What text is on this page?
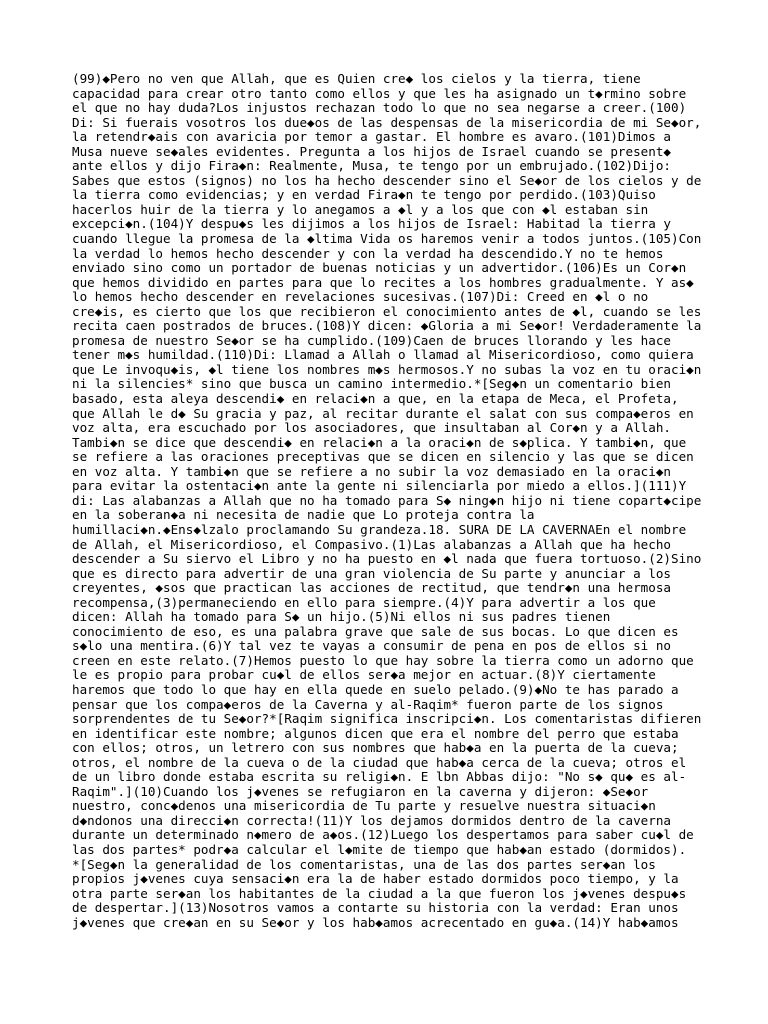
(99)◆Pero no ven que Allah, que es Quien cre◆ los cielos y la tierra, tiene
capacidad para crear otro tanto como ellos y que les ha asignado un t◆rmino sobre
el que no hay duda?Los injustos rechazan todo lo que no sea negarse a creer.(100)
Di: Si fuerais vosotros los due◆os de las despensas de la misericordia de mi Se◆or,
la retendr◆ais con avaricia por temor a gastar. El hombre es avaro.(101)Dimos a
Musa nueve se◆ales evidentes. Pregunta a los hijos de Israel cuando se present◆
ante ellos y dijo Fira◆n: Realmente, Musa, te tengo por un embrujado.(102)Dijo:
Sabes que estos (signos) no los ha hecho descender sino el Se◆or de los cielos y de
la tierra como evidencias; y en verdad Fira◆n te tengo por perdido.(103)Quiso
hacerlos huir de la tierra y lo anegamos a ◆l y a los que con ◆l estaban sin
excepci◆n.(104)Y despu◆s les dijimos a los hijos de Israel: Habitad la tierra y
cuando llegue la promesa de la ◆ltima Vida os haremos venir a todos juntos.(105)Con
la verdad lo hemos hecho descender y con la verdad ha descendido.Y no te hemos
enviado sino como un portador de buenas noticias y un advertidor.(106)Es un Cor◆n
que hemos dividido en partes para que lo recites a los hombres gradualmente. Y as◆
lo hemos hecho descender en revelaciones sucesivas.(107)Di: Creed en ◆l o no
cre◆is, es cierto que los que recibieron el conocimiento antes de ◆l, cuando se les
recita caen postrados de bruces.(108)Y dicen: ◆Gloria a mi Se◆or! Verdaderamente la
promesa de nuestro Se◆or se ha cumplido.(109)Caen de bruces llorando y les hace
tener m◆s humildad.(110)Di: Llamad a Allah o llamad al Misericordioso, como quiera
que Le invoqu◆is, ◆l tiene los nombres m◆s hermosos.Y no subas la voz en tu oraci◆n
ni la silencies* sino que busca un camino intermedio.*[Seg◆n un comentario bien
basado, esta aleya descendi◆ en relaci◆n a que, en la etapa de Meca, el Profeta,
que Allah le d◆ Su gracia y paz, al recitar durante el salat con sus compa◆eros en
voz alta, era escuchado por los asociadores, que insultaban al Cor◆n y a Allah.
Tambi◆n se dice que descendi◆ en relaci◆n a la oraci◆n de s◆plica. Y tambi◆n, que
se refiere a las oraciones preceptivas que se dicen en silencio y las que se dicen
en voz alta. Y tambi◆n que se refiere a no subir la voz demasiado en la oraci◆n
para evitar la ostentaci◆n ante la gente ni silenciarla por miedo a ellos.](111)Y
di: Las alabanzas a Allah que no ha tomado para S◆ ning◆n hijo ni tiene copart◆cipe
en la soberan◆a ni necesita de nadie que Lo proteja contra la
humillaci◆n.◆Ens◆lzalo proclamando Su grandeza.18. SURA DE LA CAVERNAEn el nombre
de Allah, el Misericordioso, el Compasivo.(1)Las alabanzas a Allah que ha hecho
descender a Su siervo el Libro y no ha puesto en ◆l nada que fuera tortuoso.(2)Sino
que es directo para advertir de una gran violencia de Su parte y anunciar a los
creyentes, ◆sos que practican las acciones de rectitud, que tendr◆n una hermosa
recompensa,(3)permaneciendo en ello para siempre.(4)Y para advertir a los que
dicen: Allah ha tomado para S◆ un hijo.(5)Ni ellos ni sus padres tienen
conocimiento de eso, es una palabra grave que sale de sus bocas. Lo que dicen es
s◆lo una mentira.(6)Y tal vez te vayas a consumir de pena en pos de ellos si no
creen en este relato.(7)Hemos puesto lo que hay sobre la tierra como un adorno que
le es propio para probar cu◆l de ellos ser◆a mejor en actuar.(8)Y ciertamente
haremos que todo lo que hay en ella quede en suelo pelado.(9)◆No te has parado a
pensar que los compa◆eros de la Caverna y al-Raqim* fueron parte de los signos
sorprendentes de tu Se◆or?*[Raqim significa inscripci◆n. Los comentaristas difieren
en identificar este nombre; algunos dicen que era el nombre del perro que estaba
con ellos; otros, un letrero con sus nombres que hab◆a en la puerta de la cueva;
otros, el nombre de la cueva o de la ciudad que hab◆a cerca de la cueva; otros el
de un libro donde estaba escrita su religi◆n. E lbn Abbas dijo: "No s◆ qu◆ es al-
Raqim".](10)Cuando los j◆venes se refugiaron en la caverna y dijeron: ◆Se◆or
nuestro, conc◆denos una misericordia de Tu parte y resuelve nuestra situaci◆n
d◆ndonos una direcci◆n correcta!(11)Y los dejamos dormidos dentro de la caverna
durante un determinado n◆mero de a◆os.(12)Luego los despertamos para saber cu◆l de
las dos partes* podr◆a calcular el l◆mite de tiempo que hab◆an estado (dormidos).
*[Seg◆n la generalidad de los comentaristas, una de las dos partes ser◆an los
propios j◆venes cuya sensaci◆n era la de haber estado dormidos poco tiempo, y la
otra parte ser◆an los habitantes de la ciudad a la que fueron los j◆venes despu◆s
de despertar.](13)Nosotros vamos a contarte su historia con la verdad: Eran unos
j◆venes que cre◆an en su Se◆or y los hab◆amos acrecentado en gu◆a.(14)Y hab◆amos
